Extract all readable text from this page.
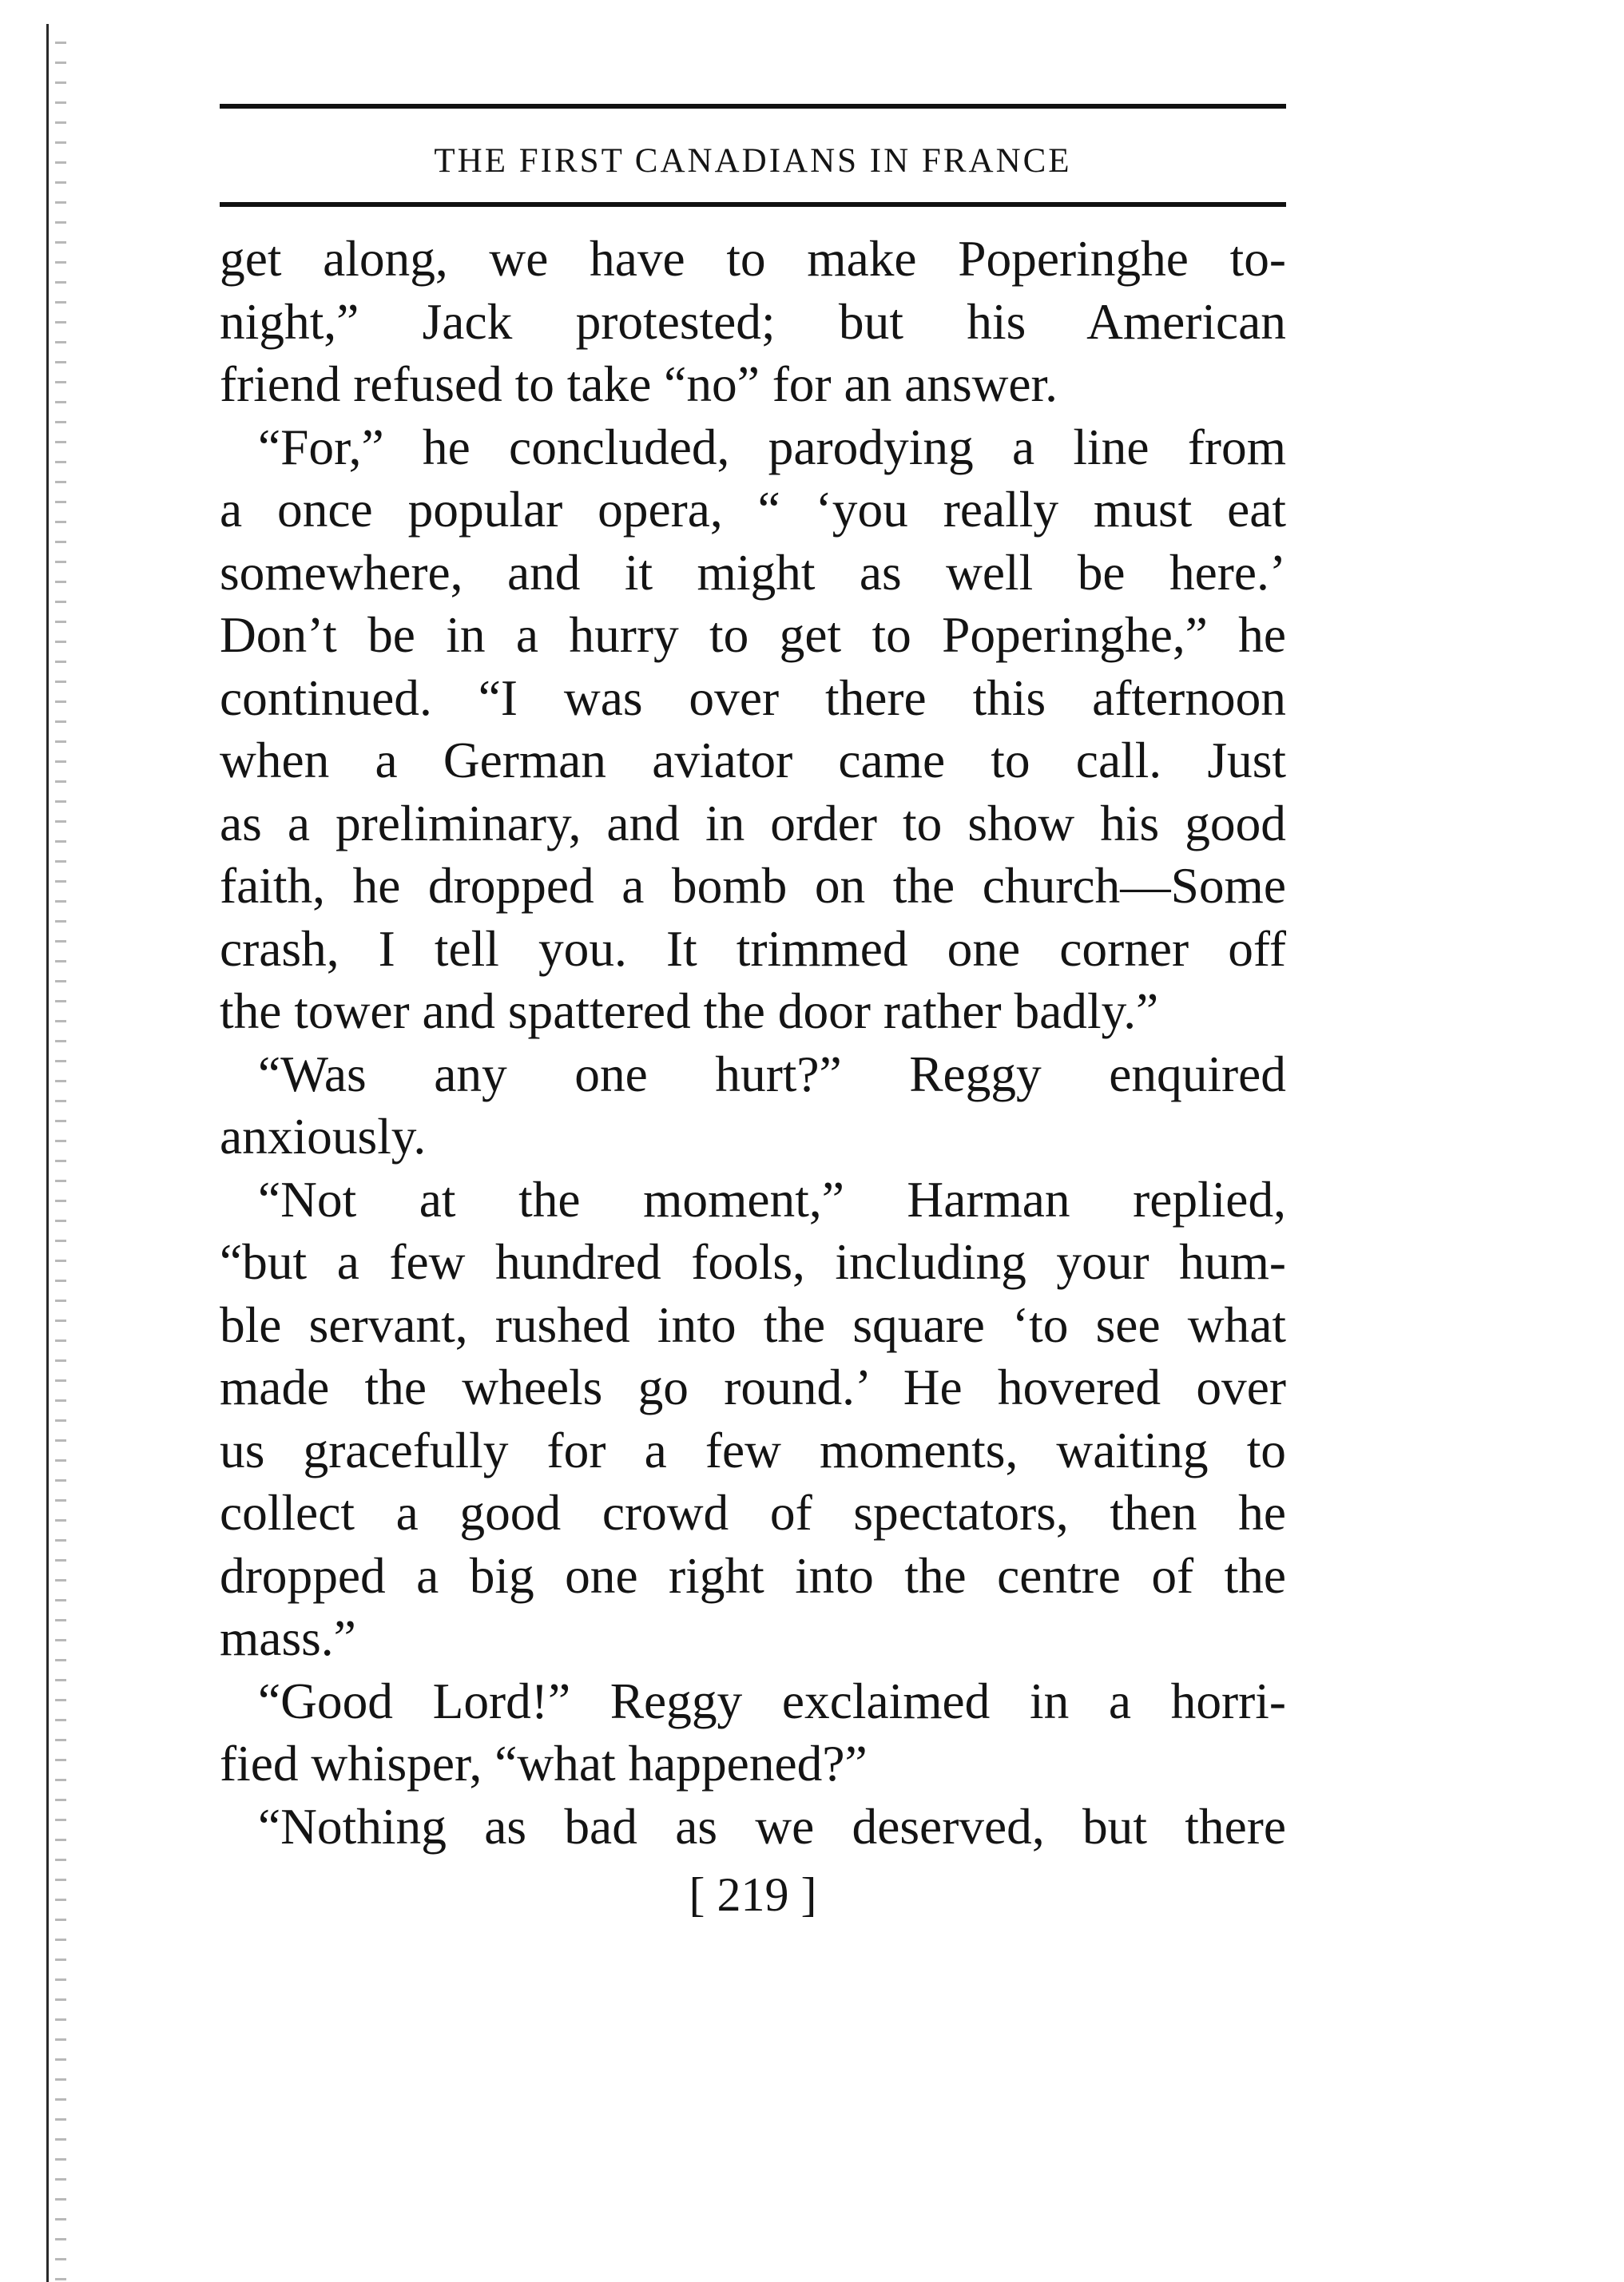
THE FIRST CANADIANS IN FRANCE
get along, we have to make Poperinghe to-
night,” Jack protested; but his American
friend refused to take “no” for an answer.
“For,” he concluded, parodying a line from
a once popular opera, “ ‘you really must eat
somewhere, and it might as well be here.’
Don’t be in a hurry to get to Poperinghe,” he
continued. “I was over there this afternoon
when a German aviator came to call. Just
as a preliminary, and in order to show his good
faith, he dropped a bomb on the church—Some
crash, I tell you. It trimmed one corner off
the tower and spattered the door rather badly.”
“Was any one hurt?” Reggy enquired
anxiously.
“Not at the moment,” Harman replied,
“but a few hundred fools, including your hum-
ble servant, rushed into the square ‘to see what
made the wheels go round.’ He hovered over
us gracefully for a few moments, waiting to
collect a good crowd of spectators, then he
dropped a big one right into the centre of the
mass.”
“Good Lord!” Reggy exclaimed in a horri-
fied whisper, “what happened?”
“Nothing as bad as we deserved, but there
[ 219 ]
